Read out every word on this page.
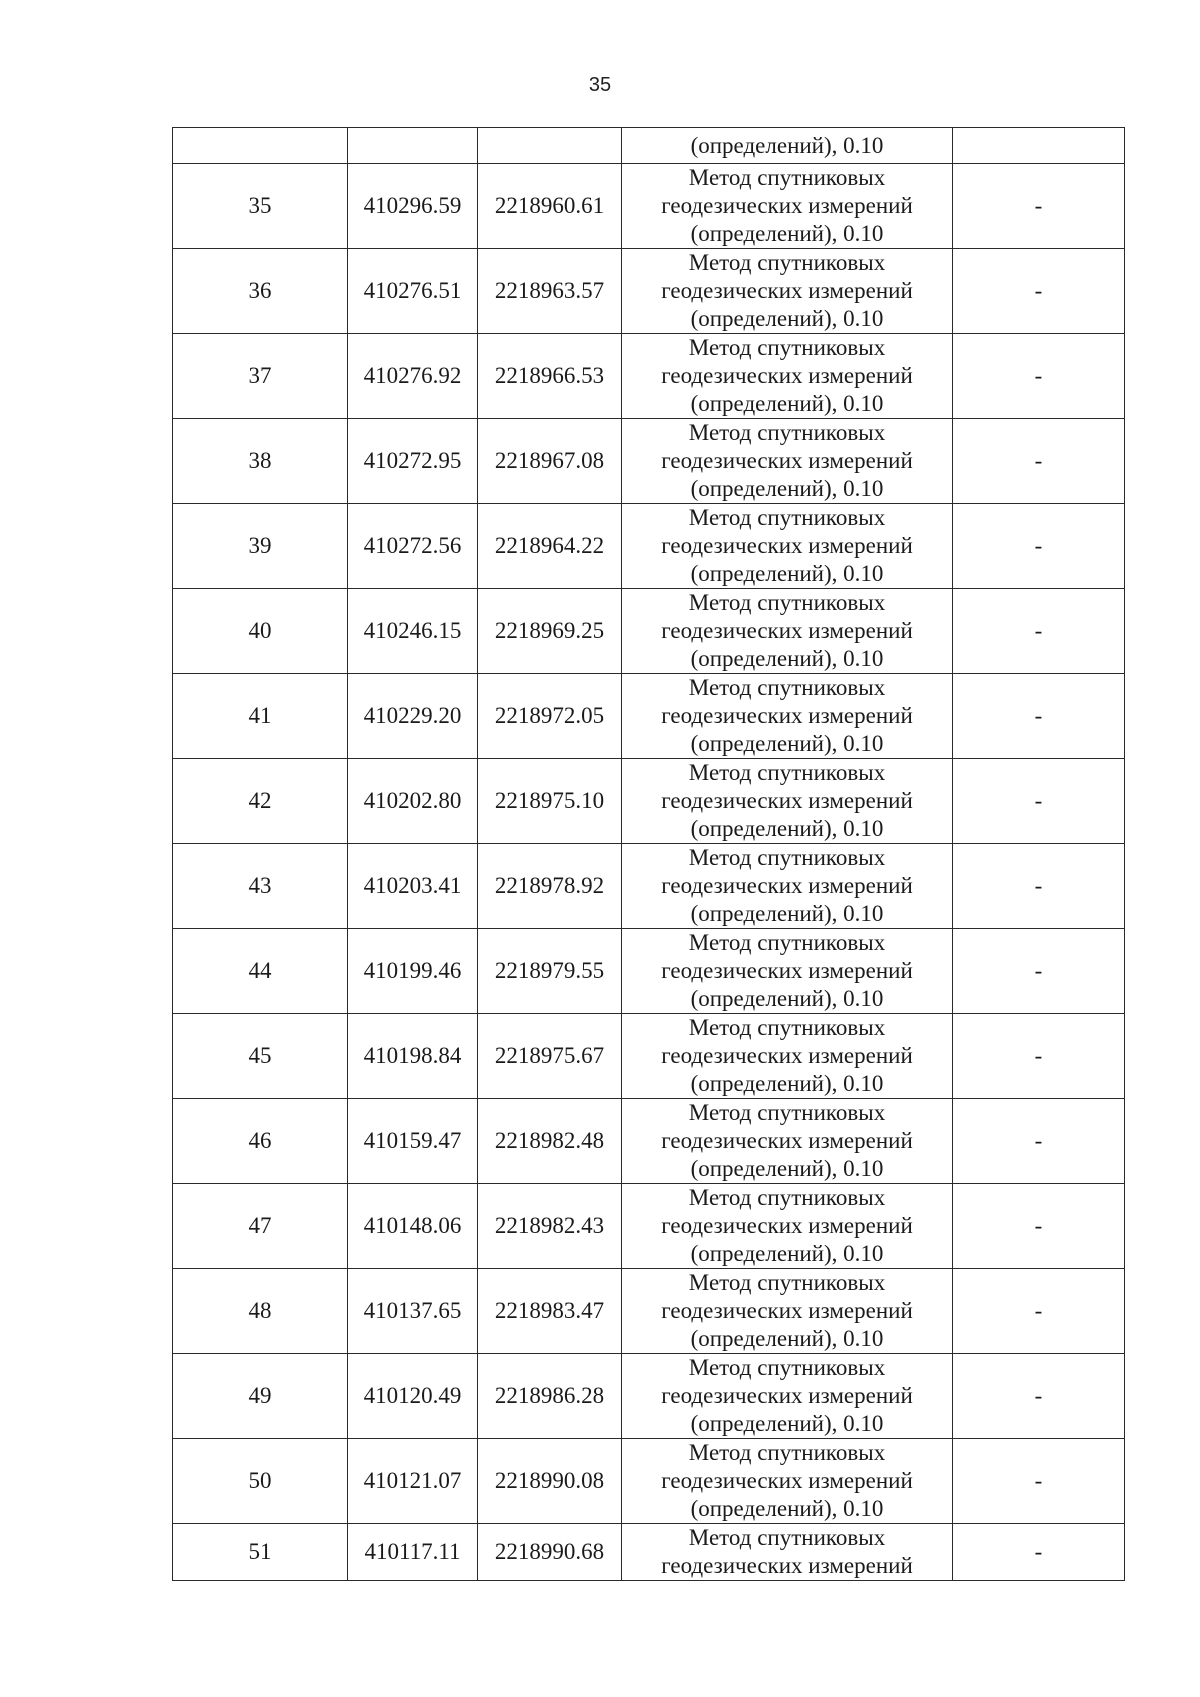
35
			(определений), 0.10	
35	410296.59	2218960.61	Метод спутниковых
геодезических измерений
(определений), 0.10	-
36	410276.51	2218963.57	Метод спутниковых
геодезических измерений
(определений), 0.10	-
37	410276.92	2218966.53	Метод спутниковых
геодезических измерений
(определений), 0.10	-
38	410272.95	2218967.08	Метод спутниковых
геодезических измерений
(определений), 0.10	-
39	410272.56	2218964.22	Метод спутниковых
геодезических измерений
(определений), 0.10	-
40	410246.15	2218969.25	Метод спутниковых
геодезических измерений
(определений), 0.10	-
41	410229.20	2218972.05	Метод спутниковых
геодезических измерений
(определений), 0.10	-
42	410202.80	2218975.10	Метод спутниковых
геодезических измерений
(определений), 0.10	-
43	410203.41	2218978.92	Метод спутниковых
геодезических измерений
(определений), 0.10	-
44	410199.46	2218979.55	Метод спутниковых
геодезических измерений
(определений), 0.10	-
45	410198.84	2218975.67	Метод спутниковых
геодезических измерений
(определений), 0.10	-
46	410159.47	2218982.48	Метод спутниковых
геодезических измерений
(определений), 0.10	-
47	410148.06	2218982.43	Метод спутниковых
геодезических измерений
(определений), 0.10	-
48	410137.65	2218983.47	Метод спутниковых
геодезических измерений
(определений), 0.10	-
49	410120.49	2218986.28	Метод спутниковых
геодезических измерений
(определений), 0.10	-
50	410121.07	2218990.08	Метод спутниковых
геодезических измерений
(определений), 0.10	-
51	410117.11	2218990.68	Метод спутниковых
геодезических измерений	-
